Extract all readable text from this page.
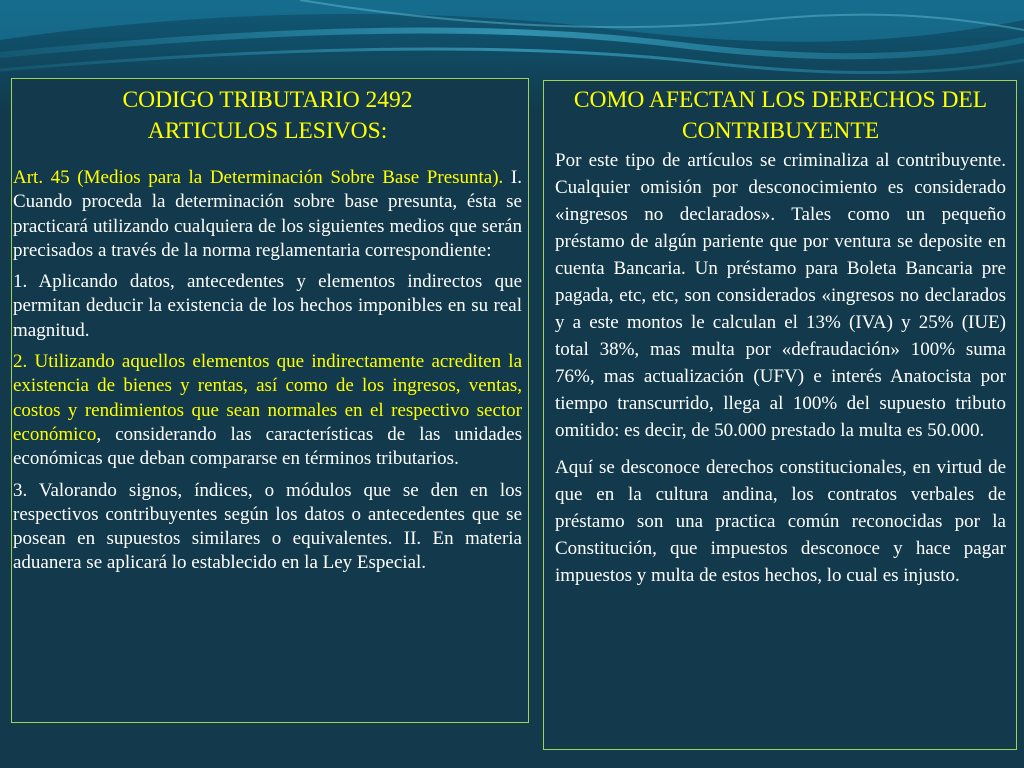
CODIGO TRIBUTARIO 2492

ARTICULOS LESIVOS:

Art. 45 (Medios para la Determinación Sobre Base Presunta). I. Cuando proceda la determinación sobre base presunta, ésta se practicará utilizando cualquiera de los siguientes medios que serán precisados a través de la norma reglamentaria correspondiente:

1. Aplicando datos, antecedentes y elementos indirectos que permitan deducir la existencia de los hechos imponibles en su real magnitud.

2. Utilizando aquellos elementos que indirectamente acrediten la existencia de bienes y rentas, así como de los ingresos, ventas, costos y rendimientos que sean normales en el respectivo sector económico, considerando las características de las unidades económicas que deban compararse en términos tributarios.

3. Valorando signos, índices, o módulos que se den en los respectivos contribuyentes según los datos o antecedentes que se posean en supuestos similares o equivalentes. II. En materia aduanera se aplicará lo establecido en la Ley Especial.

COMO AFECTAN LOS DERECHOS DEL CONTRIBUYENTE

Por este tipo de artículos se criminaliza al contribuyente. Cualquier omisión por desconocimiento es considerado «ingresos no declarados». Tales como un pequeño préstamo de algún pariente que por ventura se deposite en cuenta Bancaria. Un préstamo para Boleta Bancaria pre pagada, etc, etc, son considerados «ingresos no declarados y a este montos le calculan el 13% (IVA) y 25% (IUE) total 38%, mas multa por «defraudación» 100% suma 76%, mas actualización (UFV) e interés Anatocista por tiempo transcurrido, llega al 100% del supuesto tributo omitido: es decir, de 50.000 prestado la multa es 50.000.

Aquí se desconoce derechos constitucionales, en virtud de que en la cultura andina, los contratos verbales de préstamo son una practica común reconocidas por la Constitución, que impuestos desconoce y hace pagar impuestos y multa de estos hechos, lo cual es injusto.
